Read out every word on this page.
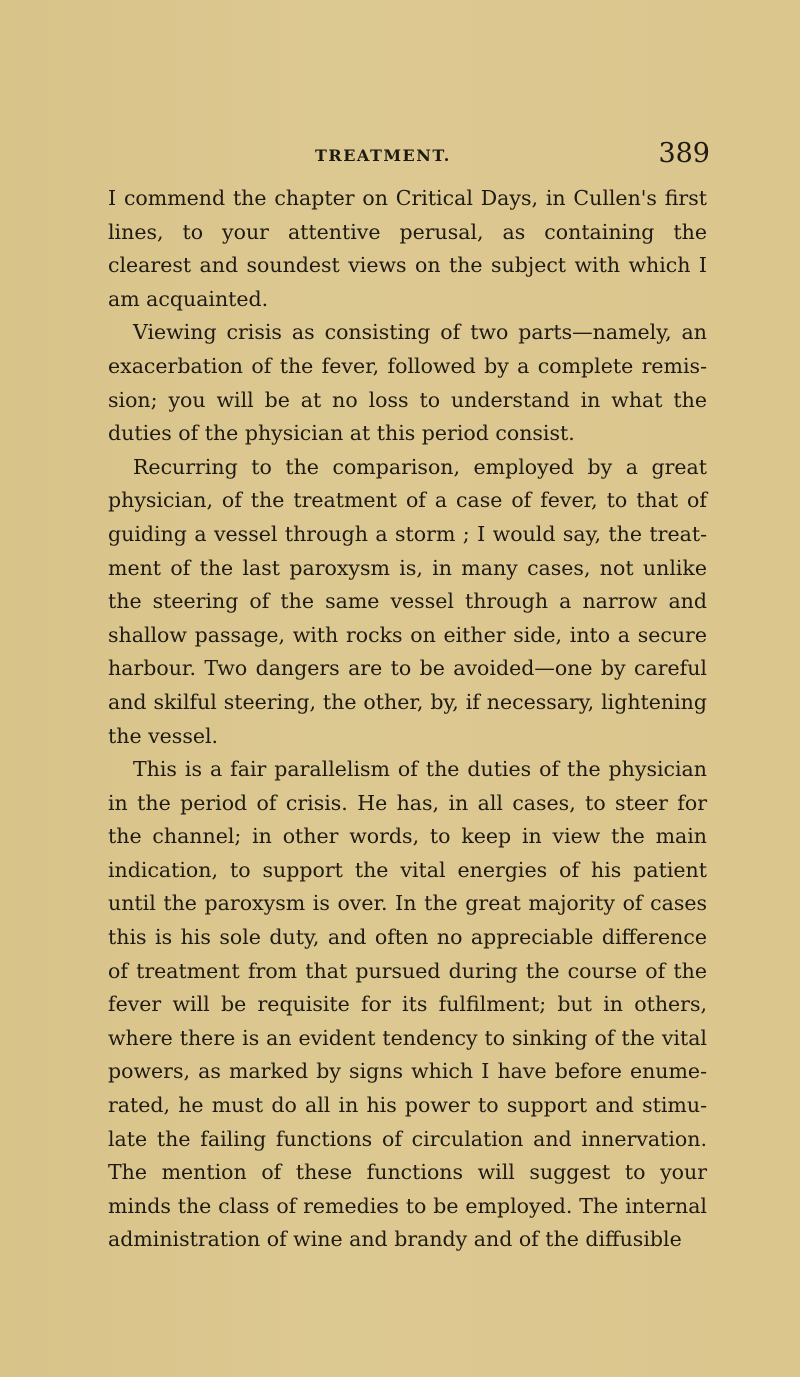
TREATMENT.	389

I commend the chapter on Critical Days, in Cullen's first lines, to your attentive perusal, as containing the clearest and soundest views on the subject with which I am acquainted.

Viewing crisis as consisting of two parts—namely, an exacerbation of the fever, followed by a complete remission; you will be at no loss to understand in what the duties of the physician at this period consist.

Recurring to the comparison, employed by a great physician, of the treatment of a case of fever, to that of guiding a vessel through a storm ; I would say, the treatment of the last paroxysm is, in many cases, not unlike the steering of the same vessel through a narrow and shallow passage, with rocks on either side, into a secure harbour. Two dangers are to be avoided—one by careful and skilful steering, the other, by, if necessary, lightening the vessel.

This is a fair parallelism of the duties of the physician in the period of crisis. He has, in all cases, to steer for the channel; in other words, to keep in view the main indication, to support the vital energies of his patient until the paroxysm is over. In the great majority of cases this is his sole duty, and often no appreciable difference of treatment from that pursued during the course of the fever will be requisite for its fulfilment; but in others, where there is an evident tendency to sinking of the vital powers, as marked by signs which I have before enumerated, he must do all in his power to support and stimulate the failing functions of circulation and innervation. The mention of these functions will suggest to your minds the class of remedies to be employed. The internal administration of wine and brandy and of the diffusible
